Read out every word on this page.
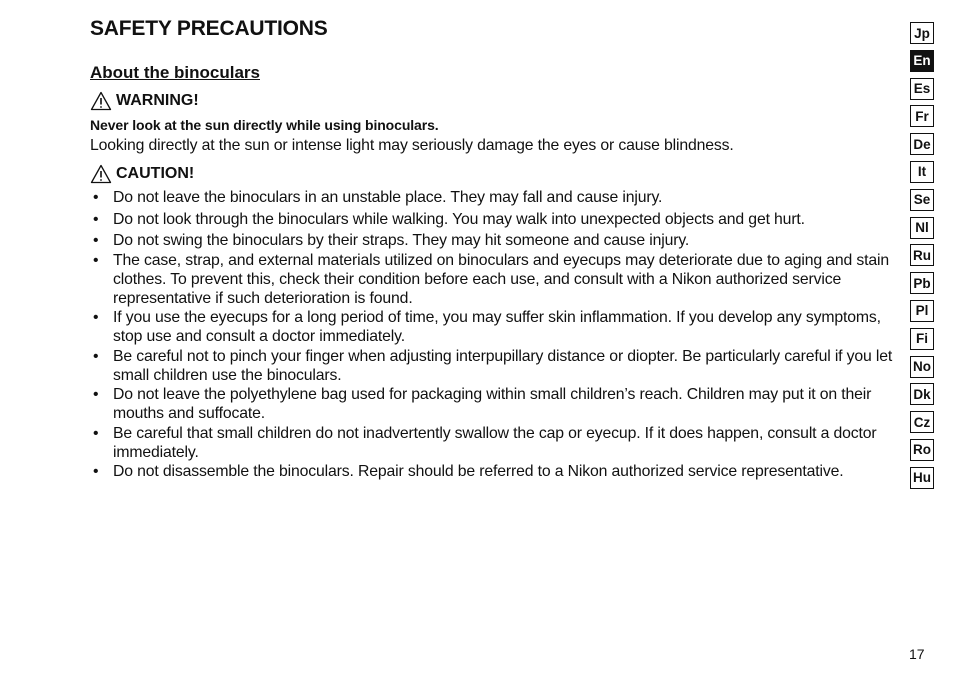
SAFETY PRECAUTIONS
About the binoculars
WARNING!
Never look at the sun directly while using binoculars.
Looking directly at the sun or intense light may seriously damage the eyes or cause blindness.
CAUTION!
• Do not leave the binoculars in an unstable place. They may fall and cause injury.
• Do not look through the binoculars while walking. You may walk into unexpected objects and get hurt.
• Do not swing the binoculars by their straps. They may hit someone and cause injury.
• The case, strap, and external materials utilized on binoculars and eyecups may deteriorate due to aging and stain clothes. To prevent this, check their condition before each use, and consult with a Nikon authorized service representative if such deterioration is found.
• If you use the eyecups for a long period of time, you may suffer skin inflammation. If you develop any symptoms, stop use and consult a doctor immediately.
• Be careful not to pinch your finger when adjusting interpupillary distance or diopter. Be particularly careful if you let small children use the binoculars.
• Do not leave the polyethylene bag used for packaging within small children’s reach. Children may put it on their mouths and suffocate.
• Be careful that small children do not inadvertently swallow the cap or eyecup. If it does happen, consult a doctor immediately.
• Do not disassemble the binoculars. Repair should be referred to a Nikon authorized service representative.
Jp
En
Es
Fr
De
It
Se
Nl
Ru
Pb
Pl
Fi
No
Dk
Cz
Ro
Hu
17
